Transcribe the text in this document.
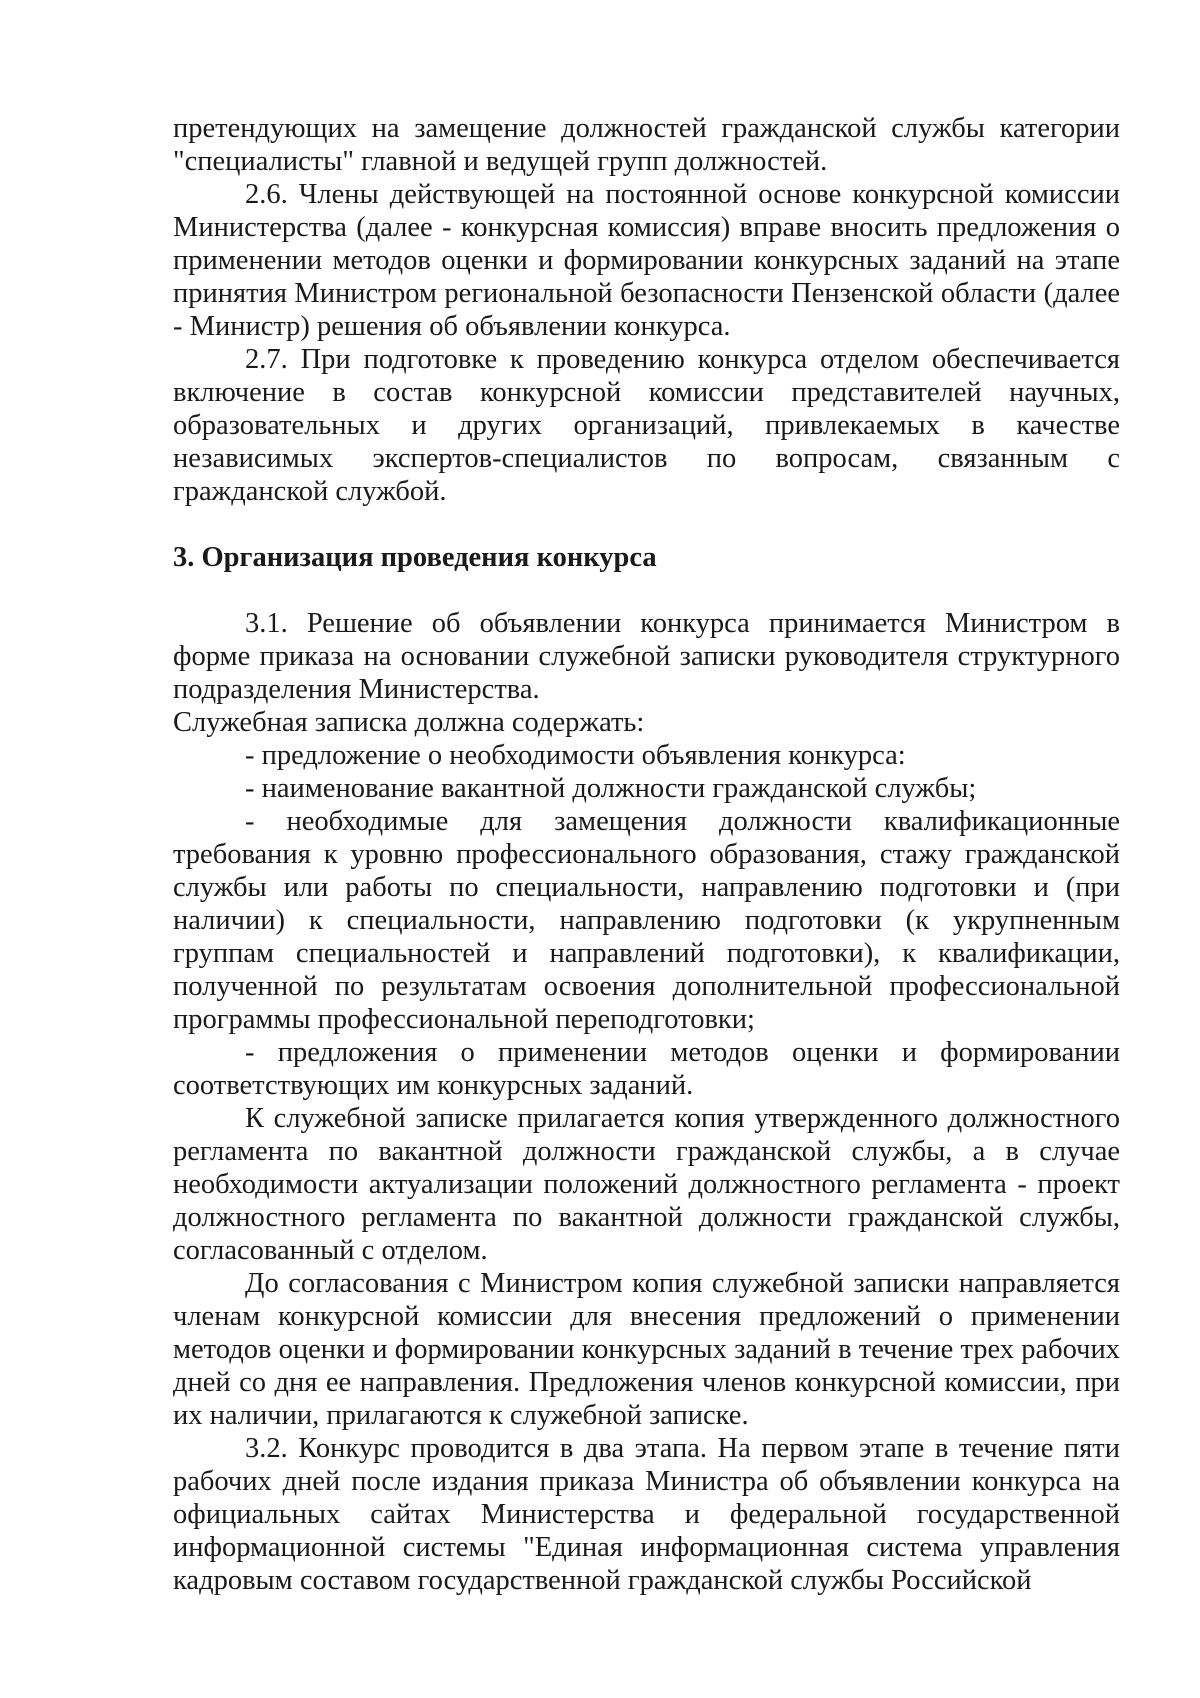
претендующих на замещение должностей гражданской службы категории "специалисты" главной и ведущей групп должностей.

2.6. Члены действующей на постоянной основе конкурсной комиссии Министерства (далее - конкурсная комиссия) вправе вносить предложения о применении методов оценки и формировании конкурсных заданий на этапе принятия Министром региональной безопасности Пензенской области (далее - Министр) решения об объявлении конкурса.

2.7. При подготовке к проведению конкурса отделом обеспечивается включение в состав конкурсной комиссии представителей научных, образовательных и других организаций, привлекаемых в качестве независимых экспертов-специалистов по вопросам, связанным с гражданской службой.

3. Организация проведения конкурса

3.1. Решение об объявлении конкурса принимается Министром в форме приказа на основании служебной записки руководителя структурного подразделения Министерства.

Служебная записка должна содержать:

- предложение о необходимости объявления конкурса:

- наименование вакантной должности гражданской службы;

- необходимые для замещения должности квалификационные требования к уровню профессионального образования, стажу гражданской службы или работы по специальности, направлению подготовки и (при наличии) к специальности, направлению подготовки (к укрупненным группам специальностей и направлений подготовки), к квалификации, полученной по результатам освоения дополнительной профессиональной программы профессиональной переподготовки;

- предложения о применении методов оценки и формировании соответствующих им конкурсных заданий.

К служебной записке прилагается копия утвержденного должностного регламента по вакантной должности гражданской службы, а в случае необходимости актуализации положений должностного регламента - проект должностного регламента по вакантной должности гражданской службы, согласованный с отделом.

До согласования с Министром копия служебной записки направляется членам конкурсной комиссии для внесения предложений о применении методов оценки и формировании конкурсных заданий в течение трех рабочих дней со дня ее направления. Предложения членов конкурсной комиссии, при их наличии, прилагаются к служебной записке.

3.2. Конкурс проводится в два этапа. На первом этапе в течение пяти рабочих дней после издания приказа Министра об объявлении конкурса на официальных сайтах Министерства и федеральной государственной информационной системы "Единая информационная система управления кадровым составом государственной гражданской службы Российской
